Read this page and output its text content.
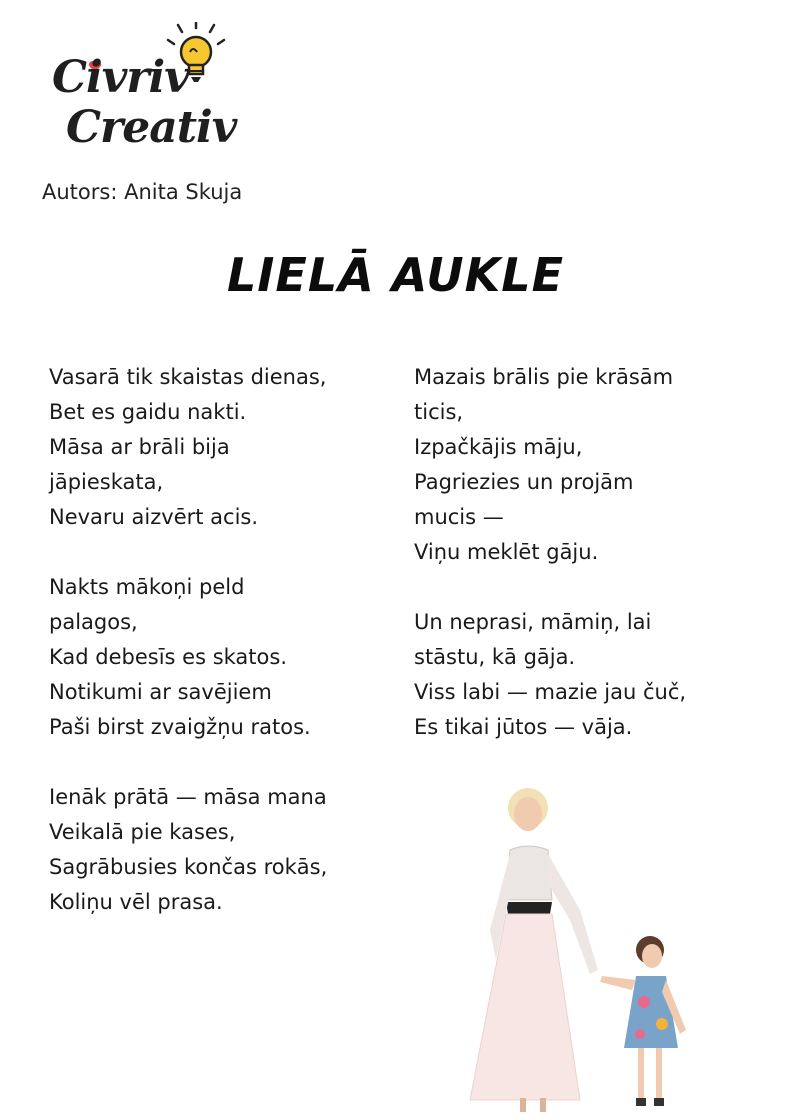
Civriv
Creativ
Autors: Anita Skuja
LIELĀ AUKLE
Vasarā tik skaistas dienas,
Bet es gaidu nakti.
Māsa ar brāli bija
jāpieskata,
Nevaru aizvērt acis.
Nakts mākoņi peld
palagos,
Kad debesīs es skatos.
Notikumi ar savējiem
Paši birst zvaigžņu ratos.
Ienāk prātā — māsa mana
Veikalā pie kases,
Sagrābusies končas rokās,
Koliņu vēl prasa.
Mazais brālis pie krāsām
ticis,
Izpačkājis māju,
Pagriezies un projām
mucis —
Viņu meklēt gāju.
Un neprasi, māmiņ, lai
stāstu, kā gāja.
Viss labi — mazie jau čuč,
Es tikai jūtos — vāja.
